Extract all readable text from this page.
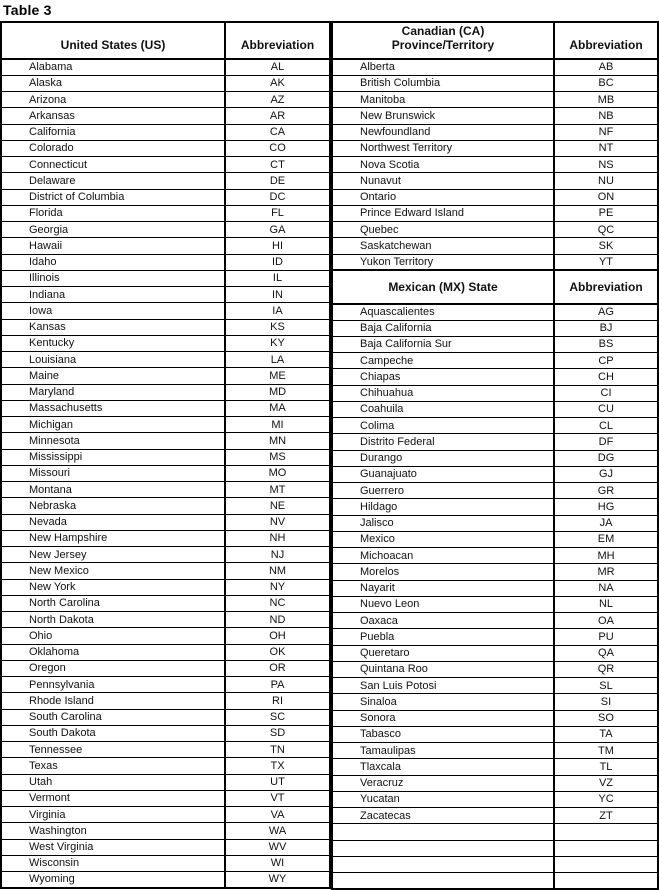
Table 3
United States (US)	Abbreviation
Alabama	AL
Alaska	AK
Arizona	AZ
Arkansas	AR
California	CA
Colorado	CO
Connecticut	CT
Delaware	DE
District of Columbia	DC
Florida	FL
Georgia	GA
Hawaii	HI
Idaho	ID
Illinois	IL
Indiana	IN
Iowa	IA
Kansas	KS
Kentucky	KY
Louisiana	LA
Maine	ME
Maryland	MD
Massachusetts	MA
Michigan	MI
Minnesota	MN
Mississippi	MS
Missouri	MO
Montana	MT
Nebraska	NE
Nevada	NV
New Hampshire	NH
New Jersey	NJ
New Mexico	NM
New York	NY
North Carolina	NC
North Dakota	ND
Ohio	OH
Oklahoma	OK
Oregon	OR
Pennsylvania	PA
Rhode Island	RI
South Carolina	SC
South Dakota	SD
Tennessee	TN
Texas	TX
Utah	UT
Vermont	VT
Virginia	VA
Washington	WA
West Virginia	WV
Wisconsin	WI
Wyoming	WY
Canadian (CA)
Province/Territory	Abbreviation
Alberta	AB
British Columbia	BC
Manitoba	MB
New Brunswick	NB
Newfoundland	NF
Northwest Territory	NT
Nova Scotia	NS
Nunavut	NU
Ontario	ON
Prince Edward Island	PE
Quebec	QC
Saskatchewan	SK
Yukon Territory	YT
Mexican (MX) State	Abbreviation
Aquascalientes	AG
Baja California	BJ
Baja California Sur	BS
Campeche	CP
Chiapas	CH
Chihuahua	CI
Coahuila	CU
Colima	CL
Distrito Federal	DF
Durango	DG
Guanajuato	GJ
Guerrero	GR
Hildago	HG
Jalisco	JA
Mexico	EM
Michoacan	MH
Morelos	MR
Nayarit	NA
Nuevo Leon	NL
Oaxaca	OA
Puebla	PU
Queretaro	QA
Quintana Roo	QR
San Luis Potosi	SL
Sinaloa	SI
Sonora	SO
Tabasco	TA
Tamaulipas	TM
Tlaxcala	TL
Veracruz	VZ
Yucatan	YC
Zacatecas	ZT
